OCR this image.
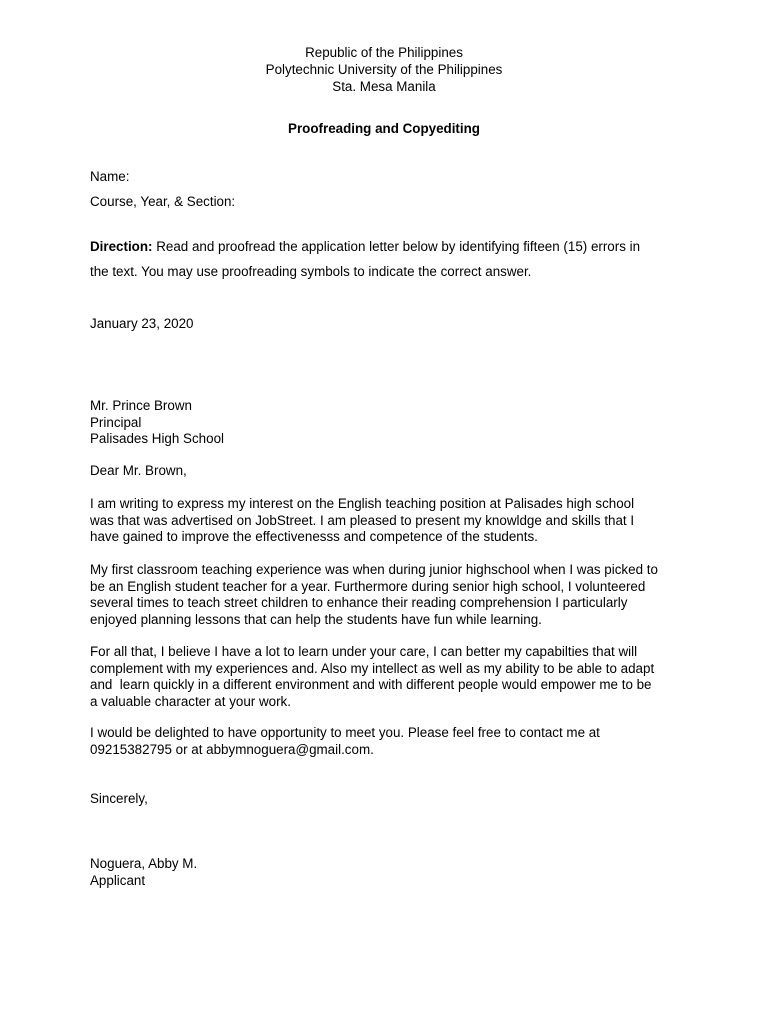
Republic of the Philippines
Polytechnic University of the Philippines
Sta. Mesa Manila
Proofreading and Copyediting
Name:
Course, Year, & Section:
Direction: Read and proofread the application letter below by identifying fifteen (15) errors in
the text. You may use proofreading symbols to indicate the correct answer.
January 23, 2020
Mr. Prince Brown
Principal
Palisades High School
Dear Mr. Brown,
I am writing to express my interest on the English teaching position at Palisades high school
was that was advertised on JobStreet. I am pleased to present my knowldge and skills that I
have gained to improve the effectivenesss and competence of the students.
My first classroom teaching experience was when during junior highschool when I was picked to
be an English student teacher for a year. Furthermore during senior high school, I volunteered
several times to teach street children to enhance their reading comprehension I particularly
enjoyed planning lessons that can help the students have fun while learning.
For all that, I believe I have a lot to learn under your care, I can better my capabilties that will
complement with my experiences and. Also my intellect as well as my ability to be able to adapt
and  learn quickly in a different environment and with different people would empower me to be
a valuable character at your work.
I would be delighted to have opportunity to meet you. Please feel free to contact me at
09215382795 or at abbymnoguera@gmail.com.
Sincerely,
Noguera, Abby M.
Applicant
